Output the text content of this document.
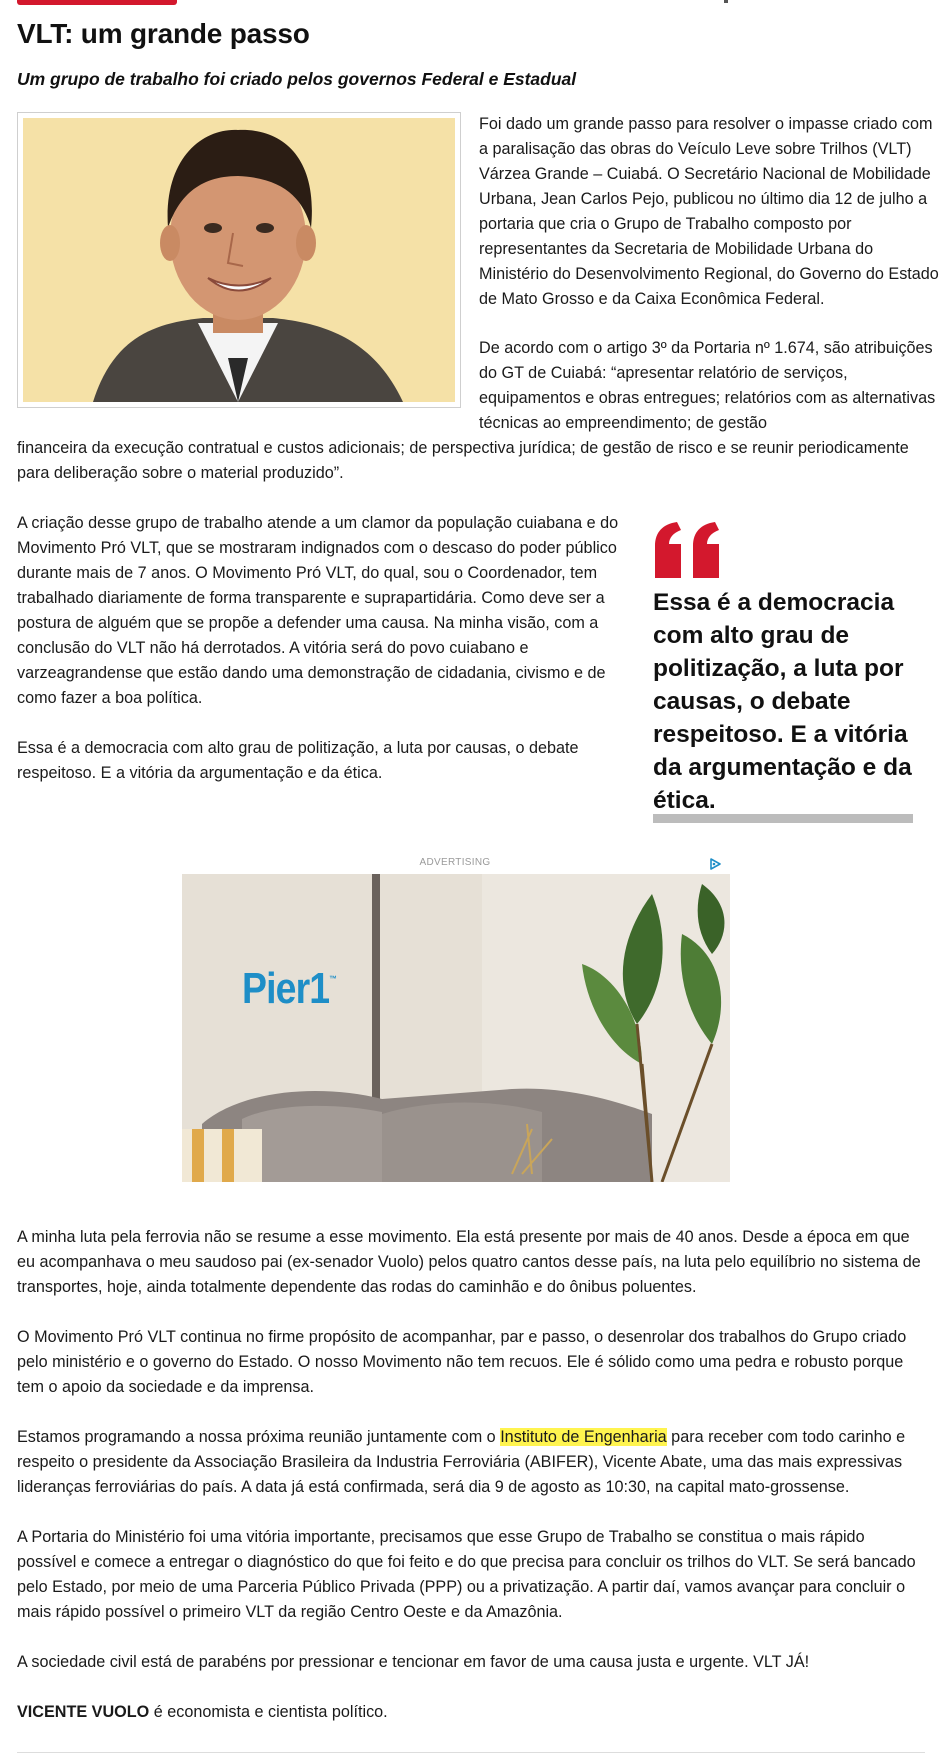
VLT: um grande passo

Um grupo de trabalho foi criado pelos governos Federal e Estadual

Foi dado um grande passo para resolver o impasse criado com a paralisação das obras do Veículo Leve sobre Trilhos (VLT) Várzea Grande – Cuiabá. O Secretário Nacional de Mobilidade Urbana, Jean Carlos Pejo, publicou no último dia 12 de julho a portaria que cria o Grupo de Trabalho composto por representantes da Secretaria de Mobilidade Urbana do Ministério do Desenvolvimento Regional, do Governo do Estado de Mato Grosso e da Caixa Econômica Federal.

De acordo com o artigo 3º da Portaria nº 1.674, são atribuições do GT de Cuiabá: “apresentar relatório de serviços, equipamentos e obras entregues; relatórios com as alternativas técnicas ao empreendimento; de gestão

financeira da execução contratual e custos adicionais; de perspectiva jurídica; de gestão de risco e se reunir periodicamente para deliberação sobre o material produzido”.

A criação desse grupo de trabalho atende a um clamor da população cuiabana e do Movimento Pró VLT, que se mostraram indignados com o descaso do poder público durante mais de 7 anos. O Movimento Pró VLT, do qual, sou o Coordenador, tem trabalhado diariamente de forma transparente e suprapartidária. Como deve ser a postura de alguém que se propõe a defender uma causa. Na minha visão, com a conclusão do VLT não há derrotados. A vitória será do povo cuiabano e varzeagrandense que estão dando uma demonstração de cidadania, civismo e de como fazer a boa política.

Essa é a democracia com alto grau de politização, a luta por causas, o debate respeitoso. E a vitória da argumentação e da ética.

A minha luta pela ferrovia não se resume a esse movimento. Ela está presente por mais de 40 anos. Desde a época em que eu acompanhava o meu saudoso pai (ex-senador Vuolo) pelos quatro cantos desse país, na luta pelo equilíbrio no sistema de transportes, hoje, ainda totalmente dependente das rodas do caminhão e do ônibus poluentes.

O Movimento Pró VLT continua no firme propósito de acompanhar, par e passo, o desenrolar dos trabalhos do Grupo criado pelo ministério e o governo do Estado. O nosso Movimento não tem recuos. Ele é sólido como uma pedra e robusto porque tem o apoio da sociedade e da imprensa.

Estamos programando a nossa próxima reunião juntamente com o Instituto de Engenharia para receber com todo carinho e respeito o presidente da Associação Brasileira da Industria Ferroviária (ABIFER), Vicente Abate, uma das mais expressivas lideranças ferroviárias do país. A data já está confirmada, será dia 9 de agosto as 10:30, na capital mato-grossense.

A Portaria do Ministério foi uma vitória importante, precisamos que esse Grupo de Trabalho se constitua o mais rápido possível e comece a entregar o diagnóstico do que foi feito e do que precisa para concluir os trilhos do VLT. Se será bancado pelo Estado, por meio de uma Parceria Público Privada (PPP) ou a privatização. A partir daí, vamos avançar para concluir o mais rápido possível o primeiro VLT da região Centro Oeste e da Amazônia.

A sociedade civil está de parabéns por pressionar e tencionar em favor de uma causa justa e urgente. VLT JÁ!

VICENTE VUOLO é economista e cientista político.

Essa é a democracia com alto grau de politização, a luta por causas, o debate respeitoso. E a vitória da argumentação e da ética.

ADVERTISING
Pier1™
